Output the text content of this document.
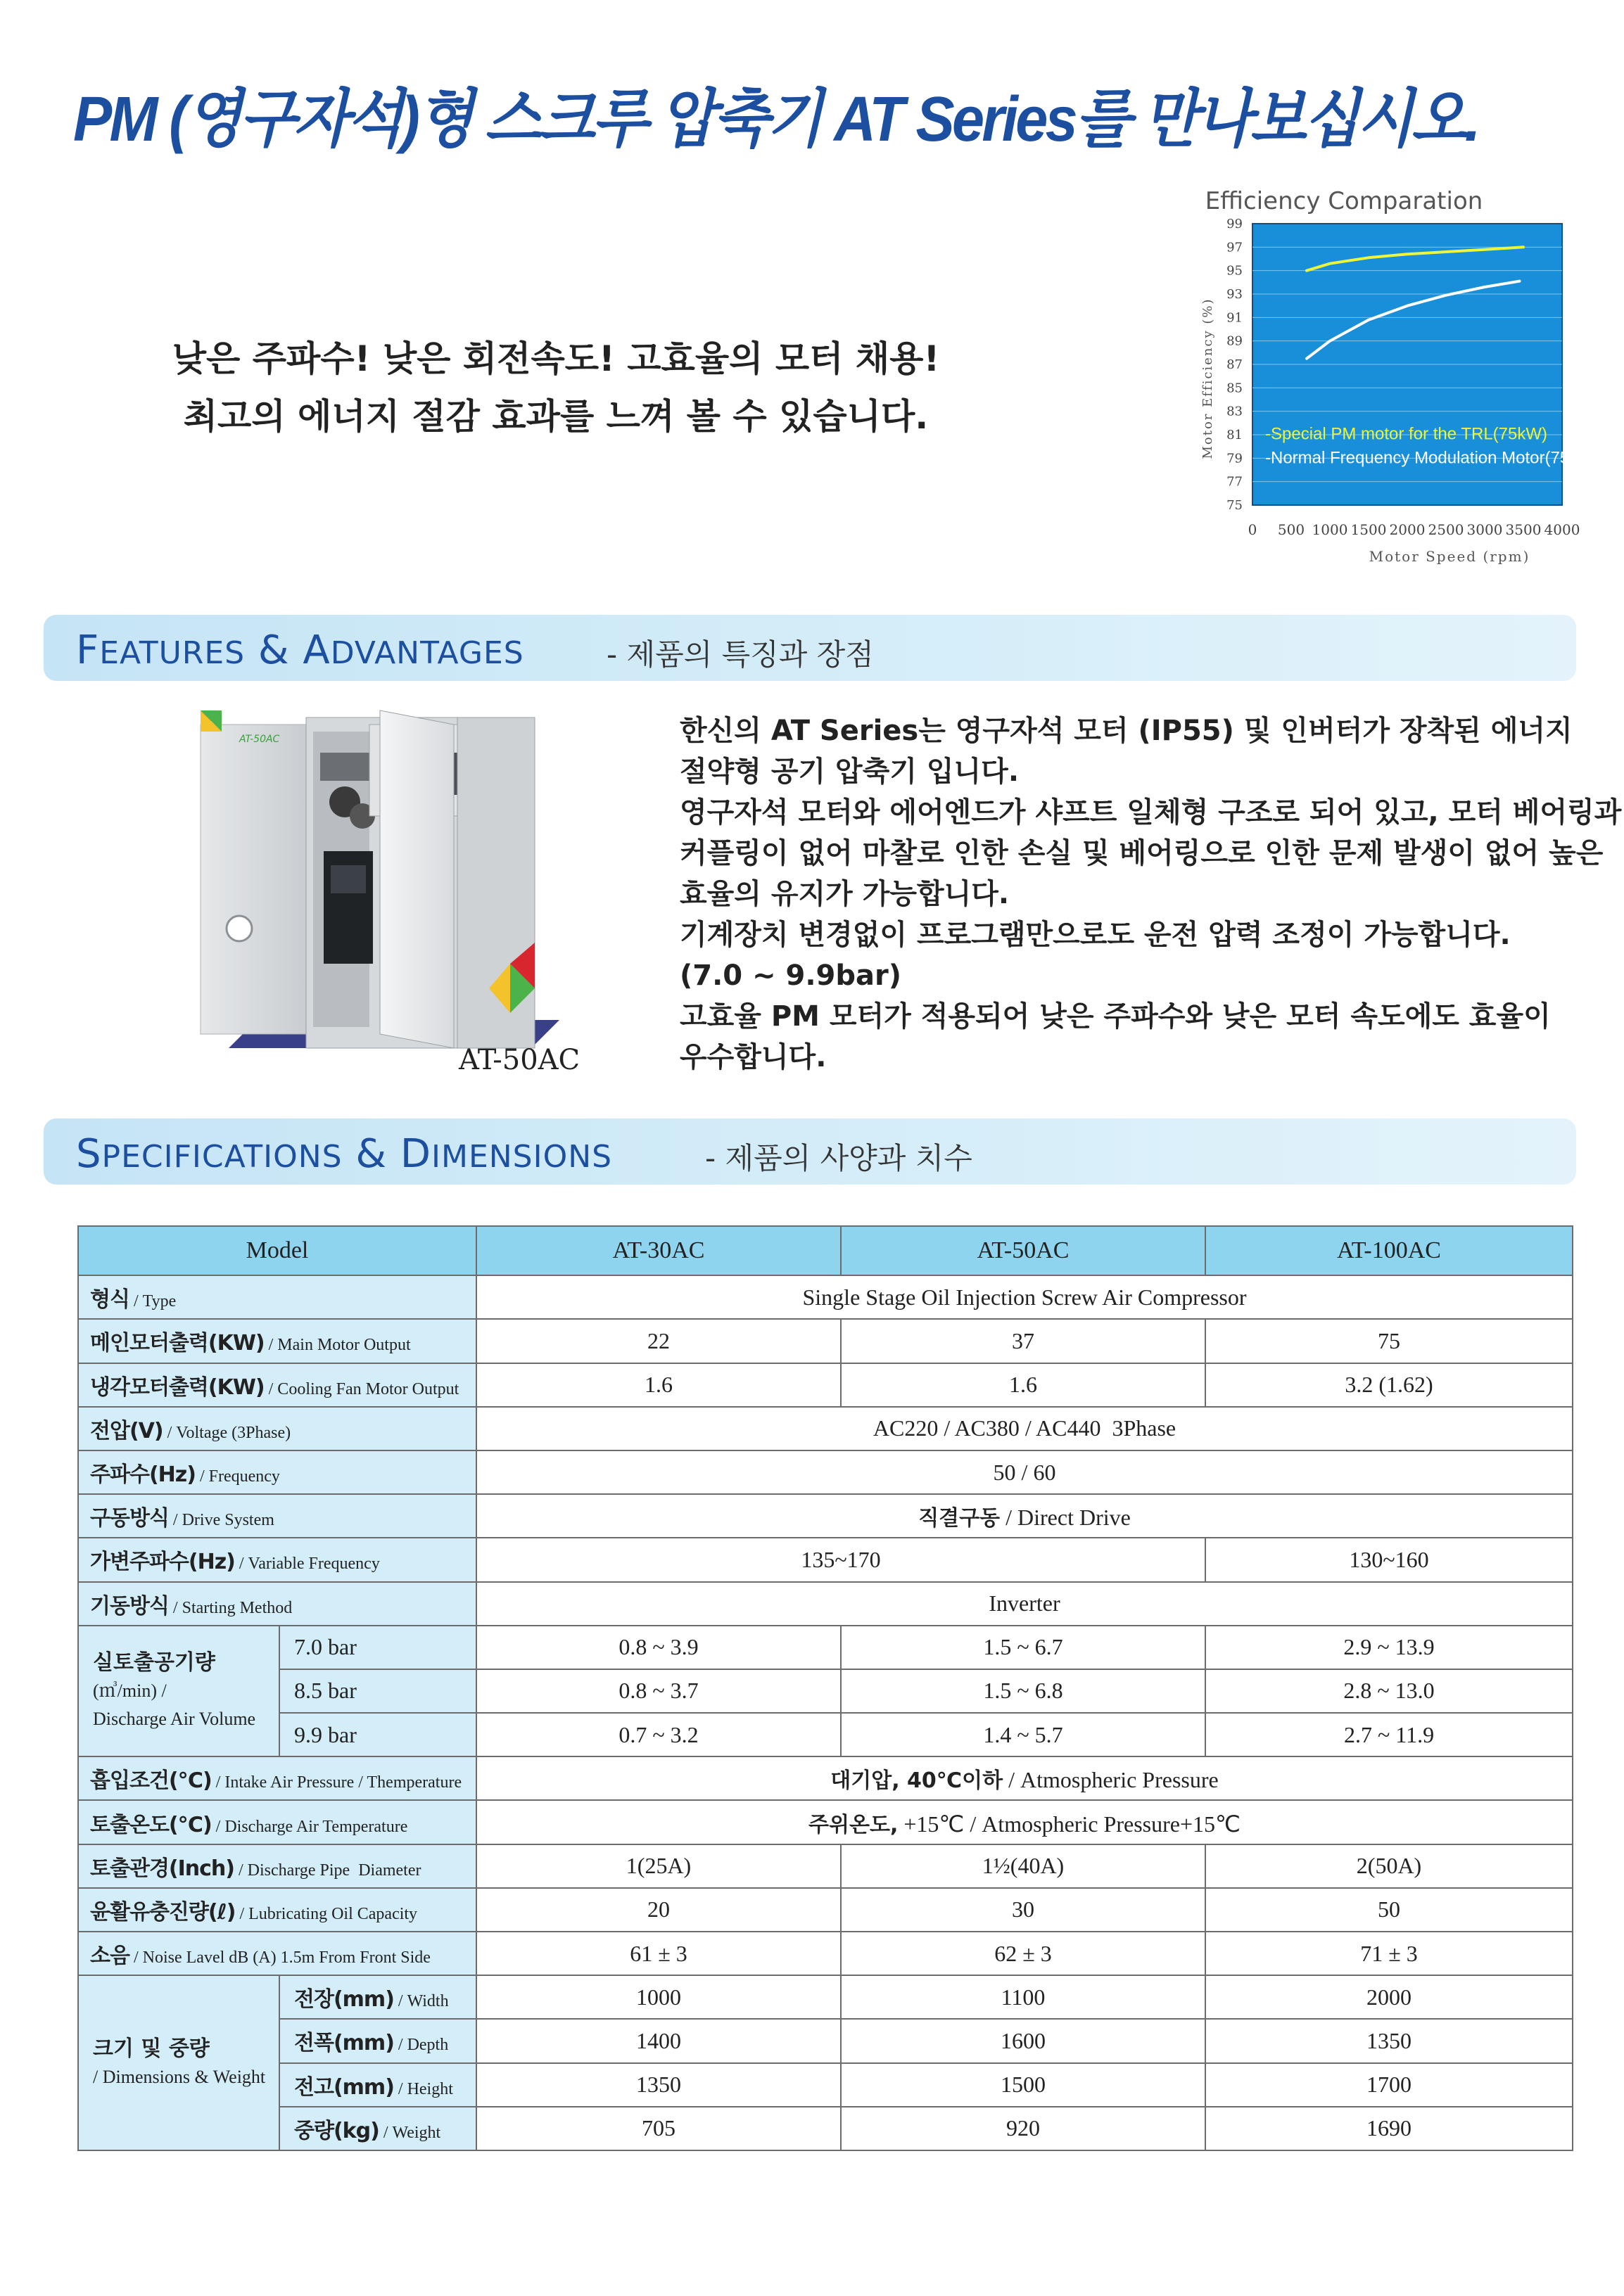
PM (영구자석)형 스크루 압축기 AT Series를 만나보십시오.
낮은 주파수! 낮은 회전속도! 고효율의 모터 채용!
최고의 에너지 절감 효과를 느껴 볼 수 있습니다.
Efficiency Comparation
99
97
95
93
91
89
87
85
83
81
79
77
75
0 500 1000 1500 2000 2500 3000 3500 4000
Motor Efficiency (%)
Motor Speed (rpm)
-Special PM motor for the TRL(75kW)
-Normal Frequency Modulation Motor(75kW)
FEATURES & ADVANTAGES	- 제품의 특징과 장점
AT-50AC
AT-50AC

한신의 AT Series는 영구자석 모터 (IP55) 및 인버터가 장착된 에너지

절약형 공기 압축기 입니다.

영구자석 모터와 에어엔드가 샤프트 일체형 구조로 되어 있고, 모터 베어링과

커플링이 없어 마찰로 인한 손실 및 베어링으로 인한 문제 발생이 없어 높은

효율의 유지가 가능합니다.

기계장치 변경없이 프로그램만으로도 운전 압력 조정이 가능합니다.

(7.0 ~ 9.9bar)

고효율 PM 모터가 적용되어 낮은 주파수와 낮은 모터 속도에도 효율이

우수합니다.

SPECIFICATIONS & DIMENSIONS	- 제품의 사양과 치수
Model		AT-30AC	AT-50AC	AT-100AC
형식 / Type		Single Stage Oil Injection Screw Air Compressor		
메인모터출력(KW) / Main Motor Output		22	37	75
냉각모터출력(KW) / Cooling Fan Motor Output		1.6	1.6	3.2 (1.62)
전압(V) / Voltage (3Phase)		AC220 / AC380 / AC440  3Phase		
주파수(Hz) / Frequency		50 / 60		
구동방식 / Drive System		직결구동 / Direct Drive		
가변주파수(Hz) / Variable Frequency		135~170		130~160
기동방식 / Starting Method		Inverter		

실토출공기량
(㎥/min) /
Discharge Air Volume	7.0 bar	0.8 ~ 3.9	1.5 ~ 6.7	2.9 ~ 13.9
	8.5 bar	0.8 ~ 3.7	1.5 ~ 6.8	2.8 ~ 13.0
	9.9 bar	0.7 ~ 3.2	1.4 ~ 5.7	2.7 ~ 11.9
흡입조건(℃) / Intake Air Pressure / Themperature		대기압, 40℃이하 / Atmospheric Pressure		
토출온도(℃) / Discharge Air Temperature		주위온도, +15℃ / Atmospheric Pressure+15℃		
토출관경(Inch) / Discharge Pipe  Diameter		1(25A)	1½(40A)	2(50A)
윤활유충진량(ℓ) / Lubricating Oil Capacity		20	30	50
소음 / Noise Lavel dB (A) 1.5m From Front Side		61 ± 3	62 ± 3	71 ± 3

크기 및 중량
/ Dimensions & Weight	전장(mm) / Width	1000	1100	2000
	전폭(mm) / Depth	1400	1600	1350
	전고(mm) / Height	1350	1500	1700
	중량(kg) / Weight	705	920	1690
